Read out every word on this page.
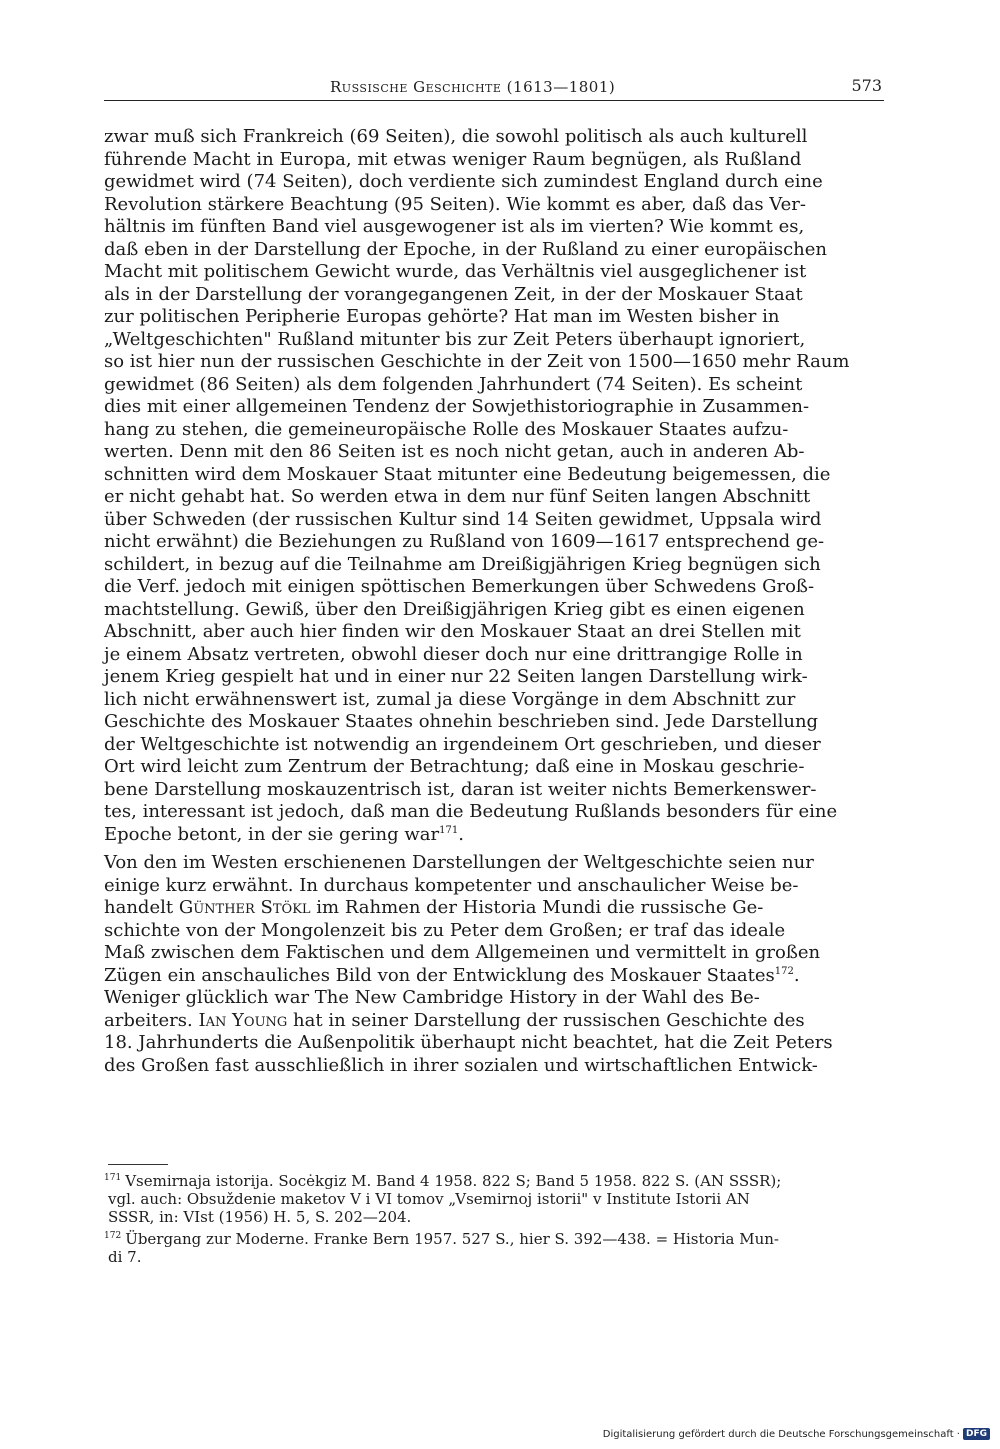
Russische Geschichte (1613—1801)	573
zwar muß sich Frankreich (69 Seiten), die sowohl politisch als auch kulturell
führende Macht in Europa, mit etwas weniger Raum begnügen, als Rußland
gewidmet wird (74 Seiten), doch verdiente sich zumindest England durch eine
Revolution stärkere Beachtung (95 Seiten). Wie kommt es aber, daß das Ver-
hältnis im fünften Band viel ausgewogener ist als im vierten? Wie kommt es,
daß eben in der Darstellung der Epoche, in der Rußland zu einer europäischen
Macht mit politischem Gewicht wurde, das Verhältnis viel ausgeglichener ist
als in der Darstellung der vorangegangenen Zeit, in der der Moskauer Staat
zur politischen Peripherie Europas gehörte? Hat man im Westen bisher in
„Weltgeschichten" Rußland mitunter bis zur Zeit Peters überhaupt ignoriert,
so ist hier nun der russischen Geschichte in der Zeit von 1500—1650 mehr Raum
gewidmet (86 Seiten) als dem folgenden Jahrhundert (74 Seiten). Es scheint
dies mit einer allgemeinen Tendenz der Sowjethistoriographie in Zusammen-
hang zu stehen, die gemeineuropäische Rolle des Moskauer Staates aufzu-
werten. Denn mit den 86 Seiten ist es noch nicht getan, auch in anderen Ab-
schnitten wird dem Moskauer Staat mitunter eine Bedeutung beigemessen, die
er nicht gehabt hat. So werden etwa in dem nur fünf Seiten langen Abschnitt
über Schweden (der russischen Kultur sind 14 Seiten gewidmet, Uppsala wird
nicht erwähnt) die Beziehungen zu Rußland von 1609—1617 entsprechend ge-
schildert, in bezug auf die Teilnahme am Dreißigjährigen Krieg begnügen sich
die Verf. jedoch mit einigen spöttischen Bemerkungen über Schwedens Groß-
machtstellung. Gewiß, über den Dreißigjährigen Krieg gibt es einen eigenen
Abschnitt, aber auch hier finden wir den Moskauer Staat an drei Stellen mit
je einem Absatz vertreten, obwohl dieser doch nur eine drittrangige Rolle in
jenem Krieg gespielt hat und in einer nur 22 Seiten langen Darstellung wirk-
lich nicht erwähnenswert ist, zumal ja diese Vorgänge in dem Abschnitt zur
Geschichte des Moskauer Staates ohnehin beschrieben sind. Jede Darstellung
der Weltgeschichte ist notwendig an irgendeinem Ort geschrieben, und dieser
Ort wird leicht zum Zentrum der Betrachtung; daß eine in Moskau geschrie-
bene Darstellung moskauzentrisch ist, daran ist weiter nichts Bemerkenswer-
tes, interessant ist jedoch, daß man die Bedeutung Rußlands besonders für eine
Epoche betont, in der sie gering war$^{171}$.
Von den im Westen erschienenen Darstellungen der Weltgeschichte seien nur
einige kurz erwähnt. In durchaus kompetenter und anschaulicher Weise be-
handelt Günther Stökl im Rahmen der Historia Mundi die russische Ge-
schichte von der Mongolenzeit bis zu Peter dem Großen; er traf das ideale
Maß zwischen dem Faktischen und dem Allgemeinen und vermittelt in großen
Zügen ein anschauliches Bild von der Entwicklung des Moskauer Staates$^{172}$.
Weniger glücklich war The New Cambridge History in der Wahl des Be-
arbeiters. Ian Young hat in seiner Darstellung der russischen Geschichte des
18. Jahrhunderts die Außenpolitik überhaupt nicht beachtet, hat die Zeit Peters
des Großen fast ausschließlich in ihrer sozialen und wirtschaftlichen Entwick-
$^{171}$ Vsemirnaja istorija. Socėkgiz M. Band 4 1958. 822 S; Band 5 1958. 822 S. (AN SSSR);
vgl. auch: Obsuždenie maketov V i VI tomov „Vsemirnoj istorii" v Institute Istorii AN
SSSR, in: VIst (1956) H. 5, S. 202—204.
$^{172}$ Übergang zur Moderne. Franke Bern 1957. 527 S., hier S. 392—438. = Historia Mun-
di 7.
Digitalisierung gefördert durch die Deutsche Forschungsgemeinschaft · DFG
